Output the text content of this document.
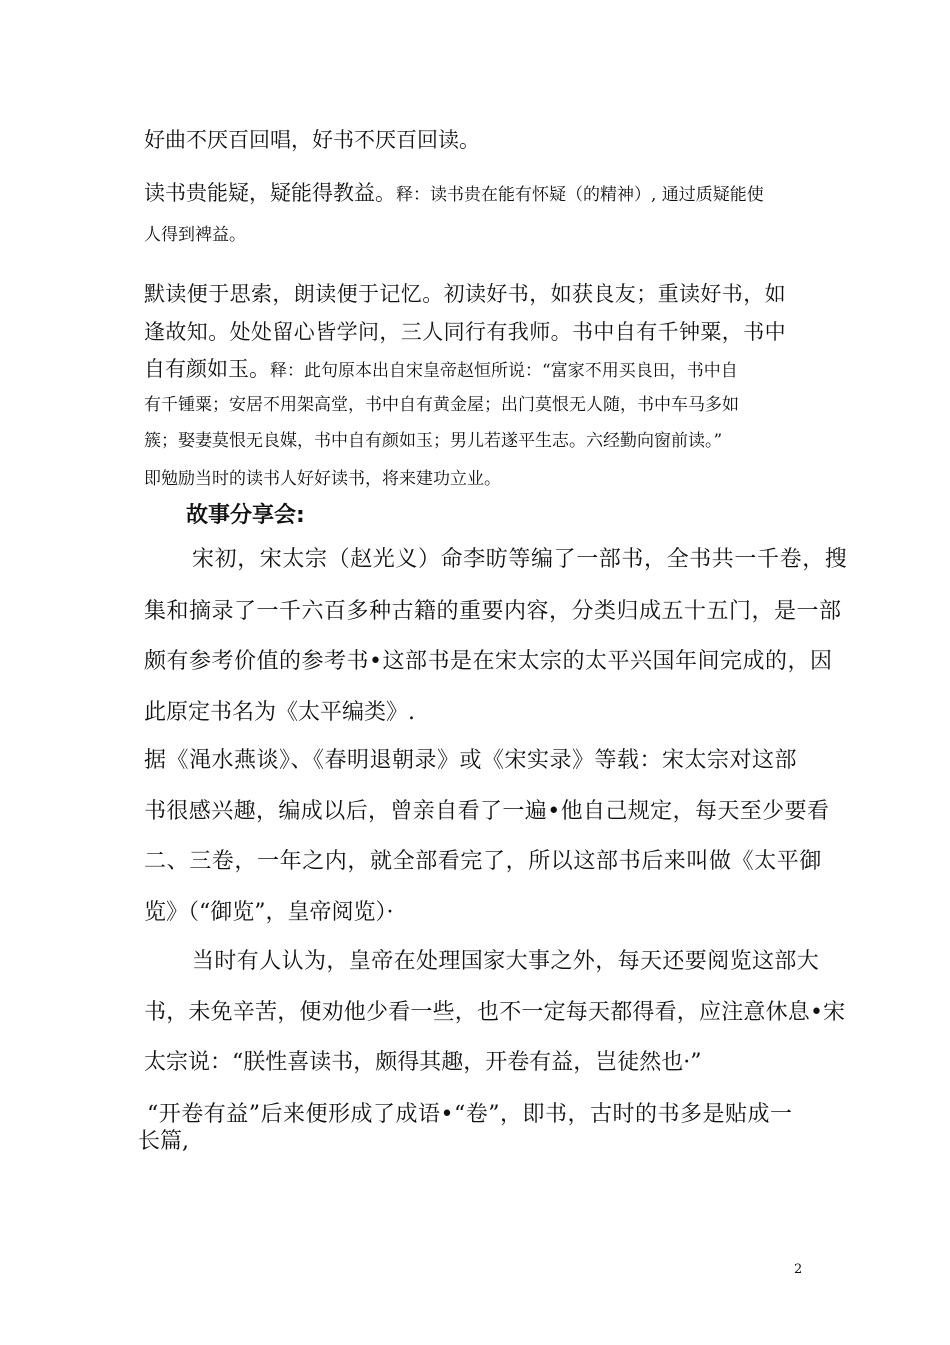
好曲不厌百回唱，好书不厌百回读。
读书贵能疑，疑能得教益。释：读书贵在能有怀疑（的精神）, 通过质疑能使
人得到裨益。
默读便于思索，朗读便于记忆。初读好书，如获良友；重读好书，如
逢故知。处处留心皆学问，三人同行有我师。书中自有千钟粟，书中
自有颜如玉。释：此句原本出自宋皇帝赵恒所说：“富家不用买良田，书中自
有千锺粟；安居不用架高堂，书中自有黄金屋；出门莫恨无人随，书中车马多如
簇；娶妻莫恨无良媒，书中自有颜如玉；男儿若遂平生志。六经勤向窗前读。”
即勉励当时的读书人好好读书，将来建功立业。
故事分享会:
宋初，宋太宗（赵光义）命李昉等编了一部书，全书共一千卷，搜
集和摘录了一千六百多种古籍的重要内容，分类归成五十五门，是一部
颇有参考价值的参考书•这部书是在宋太宗的太平兴国年间完成的，因
此原定书名为《太平编类》.
据《渑水燕谈》、《春明退朝录》或《宋实录》等载：宋太宗对这部
书很感兴趣，编成以后，曾亲自看了一遍•他自己规定，每天至少要看
二、三卷，一年之内，就全部看完了，所以这部书后来叫做《太平御
览》（“御览”，皇帝阅览）·
当时有人认为，皇帝在处理国家大事之外，每天还要阅览这部大
书，未免辛苦，便劝他少看一些，也不一定每天都得看，应注意休息•宋
太宗说：“朕性喜读书，颇得其趣，开卷有益，岂徒然也·”
“开卷有益”后来便形成了成语•“卷”，即书，古时的书多是贴成一
长篇,
2
